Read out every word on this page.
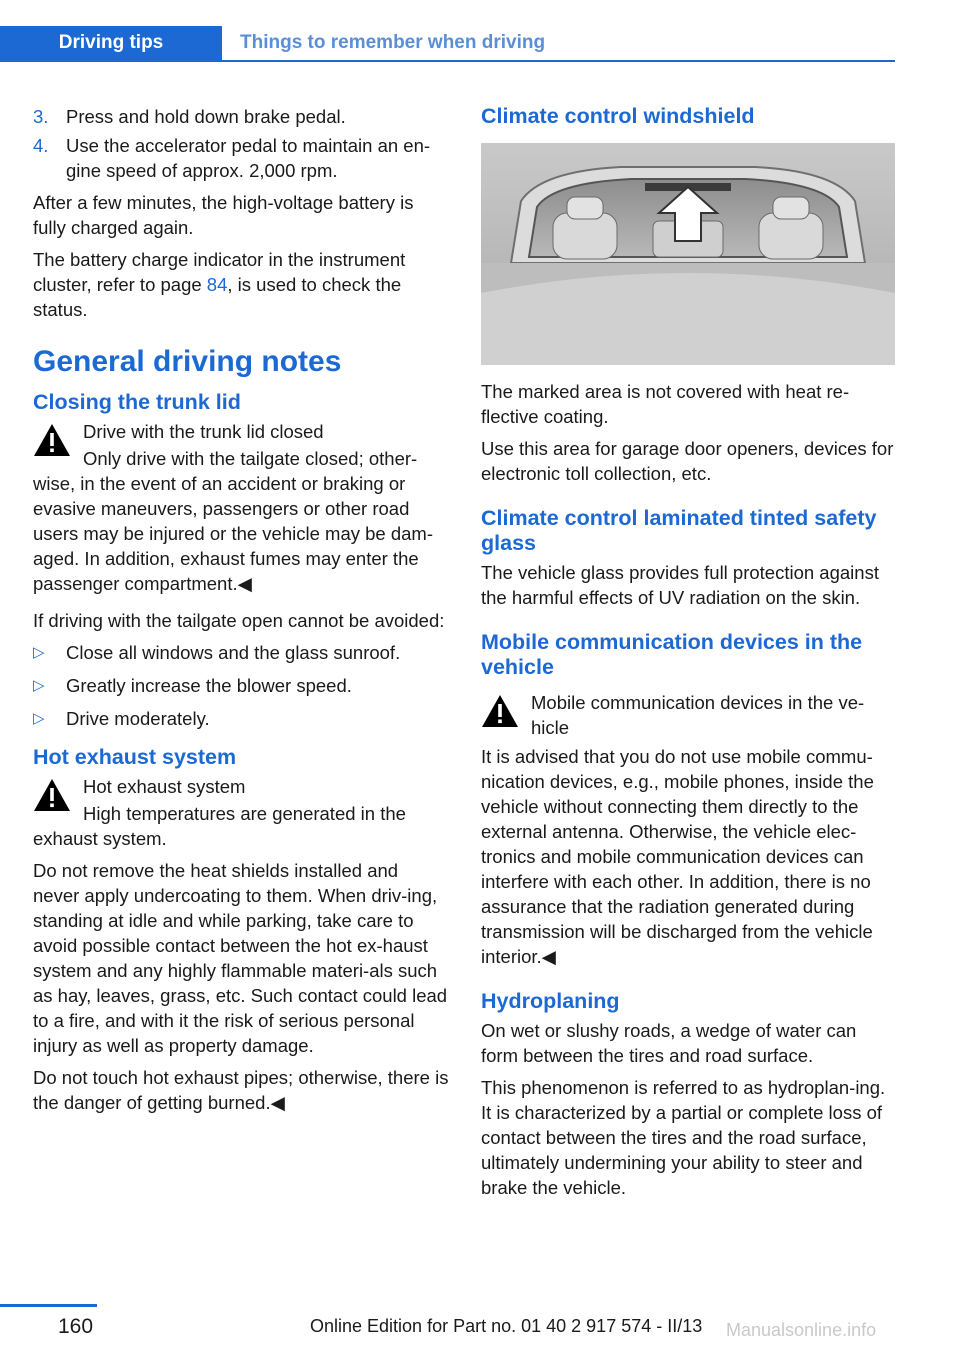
Driving tips	Things to remember when driving
3. Press and hold down brake pedal.
4. Use the accelerator pedal to maintain an en‐gine speed of approx. 2,000 rpm.

After a few minutes, the high-voltage battery is fully charged again.

The battery charge indicator in the instrument cluster, refer to page 84, is used to check the status.

General driving notes
Closing the trunk lid

Drive with the trunk lid closed

Only drive with the tailgate closed; other‐wise, in the event of an accident or braking or evasive maneuvers, passengers or other road users may be injured or the vehicle may be dam‐aged. In addition, exhaust fumes may enter the passenger compartment.◀

If driving with the tailgate open cannot be avoided:

▷ Close all windows and the glass sunroof.
▷ Greatly increase the blower speed.
▷ Drive moderately.
Hot exhaust system

Hot exhaust system

High temperatures are generated in the exhaust system.

Do not remove the heat shields installed and never apply undercoating to them. When driv‐ing, standing at idle and while parking, take care to avoid possible contact between the hot ex‐haust system and any highly flammable materi‐als such as hay, leaves, grass, etc. Such contact could lead to a fire, and with it the risk of serious personal injury as well as property damage.

Do not touch hot exhaust pipes; otherwise, there is the danger of getting burned.◀

Climate control windshield

The marked area is not covered with heat re‐flective coating.

Use this area for garage door openers, devices for electronic toll collection, etc.

Climate control laminated tinted safety glass

The vehicle glass provides full protection against the harmful effects of UV radiation on the skin.

Mobile communication devices in the vehicle

Mobile communication devices in the ve‐hicle

It is advised that you do not use mobile commu‐nication devices, e.g., mobile phones, inside the vehicle without connecting them directly to the external antenna. Otherwise, the vehicle elec‐tronics and mobile communication devices can interfere with each other. In addition, there is no assurance that the radiation generated during transmission will be discharged from the vehicle interior.◀

Hydroplaning

On wet or slushy roads, a wedge of water can form between the tires and road surface.

This phenomenon is referred to as hydroplan‐ing. It is characterized by a partial or complete loss of contact between the tires and the road surface, ultimately undermining your ability to steer and brake the vehicle.

160	Online Edition for Part no. 01 40 2 917 574 - II/13 Manualsonline.info
